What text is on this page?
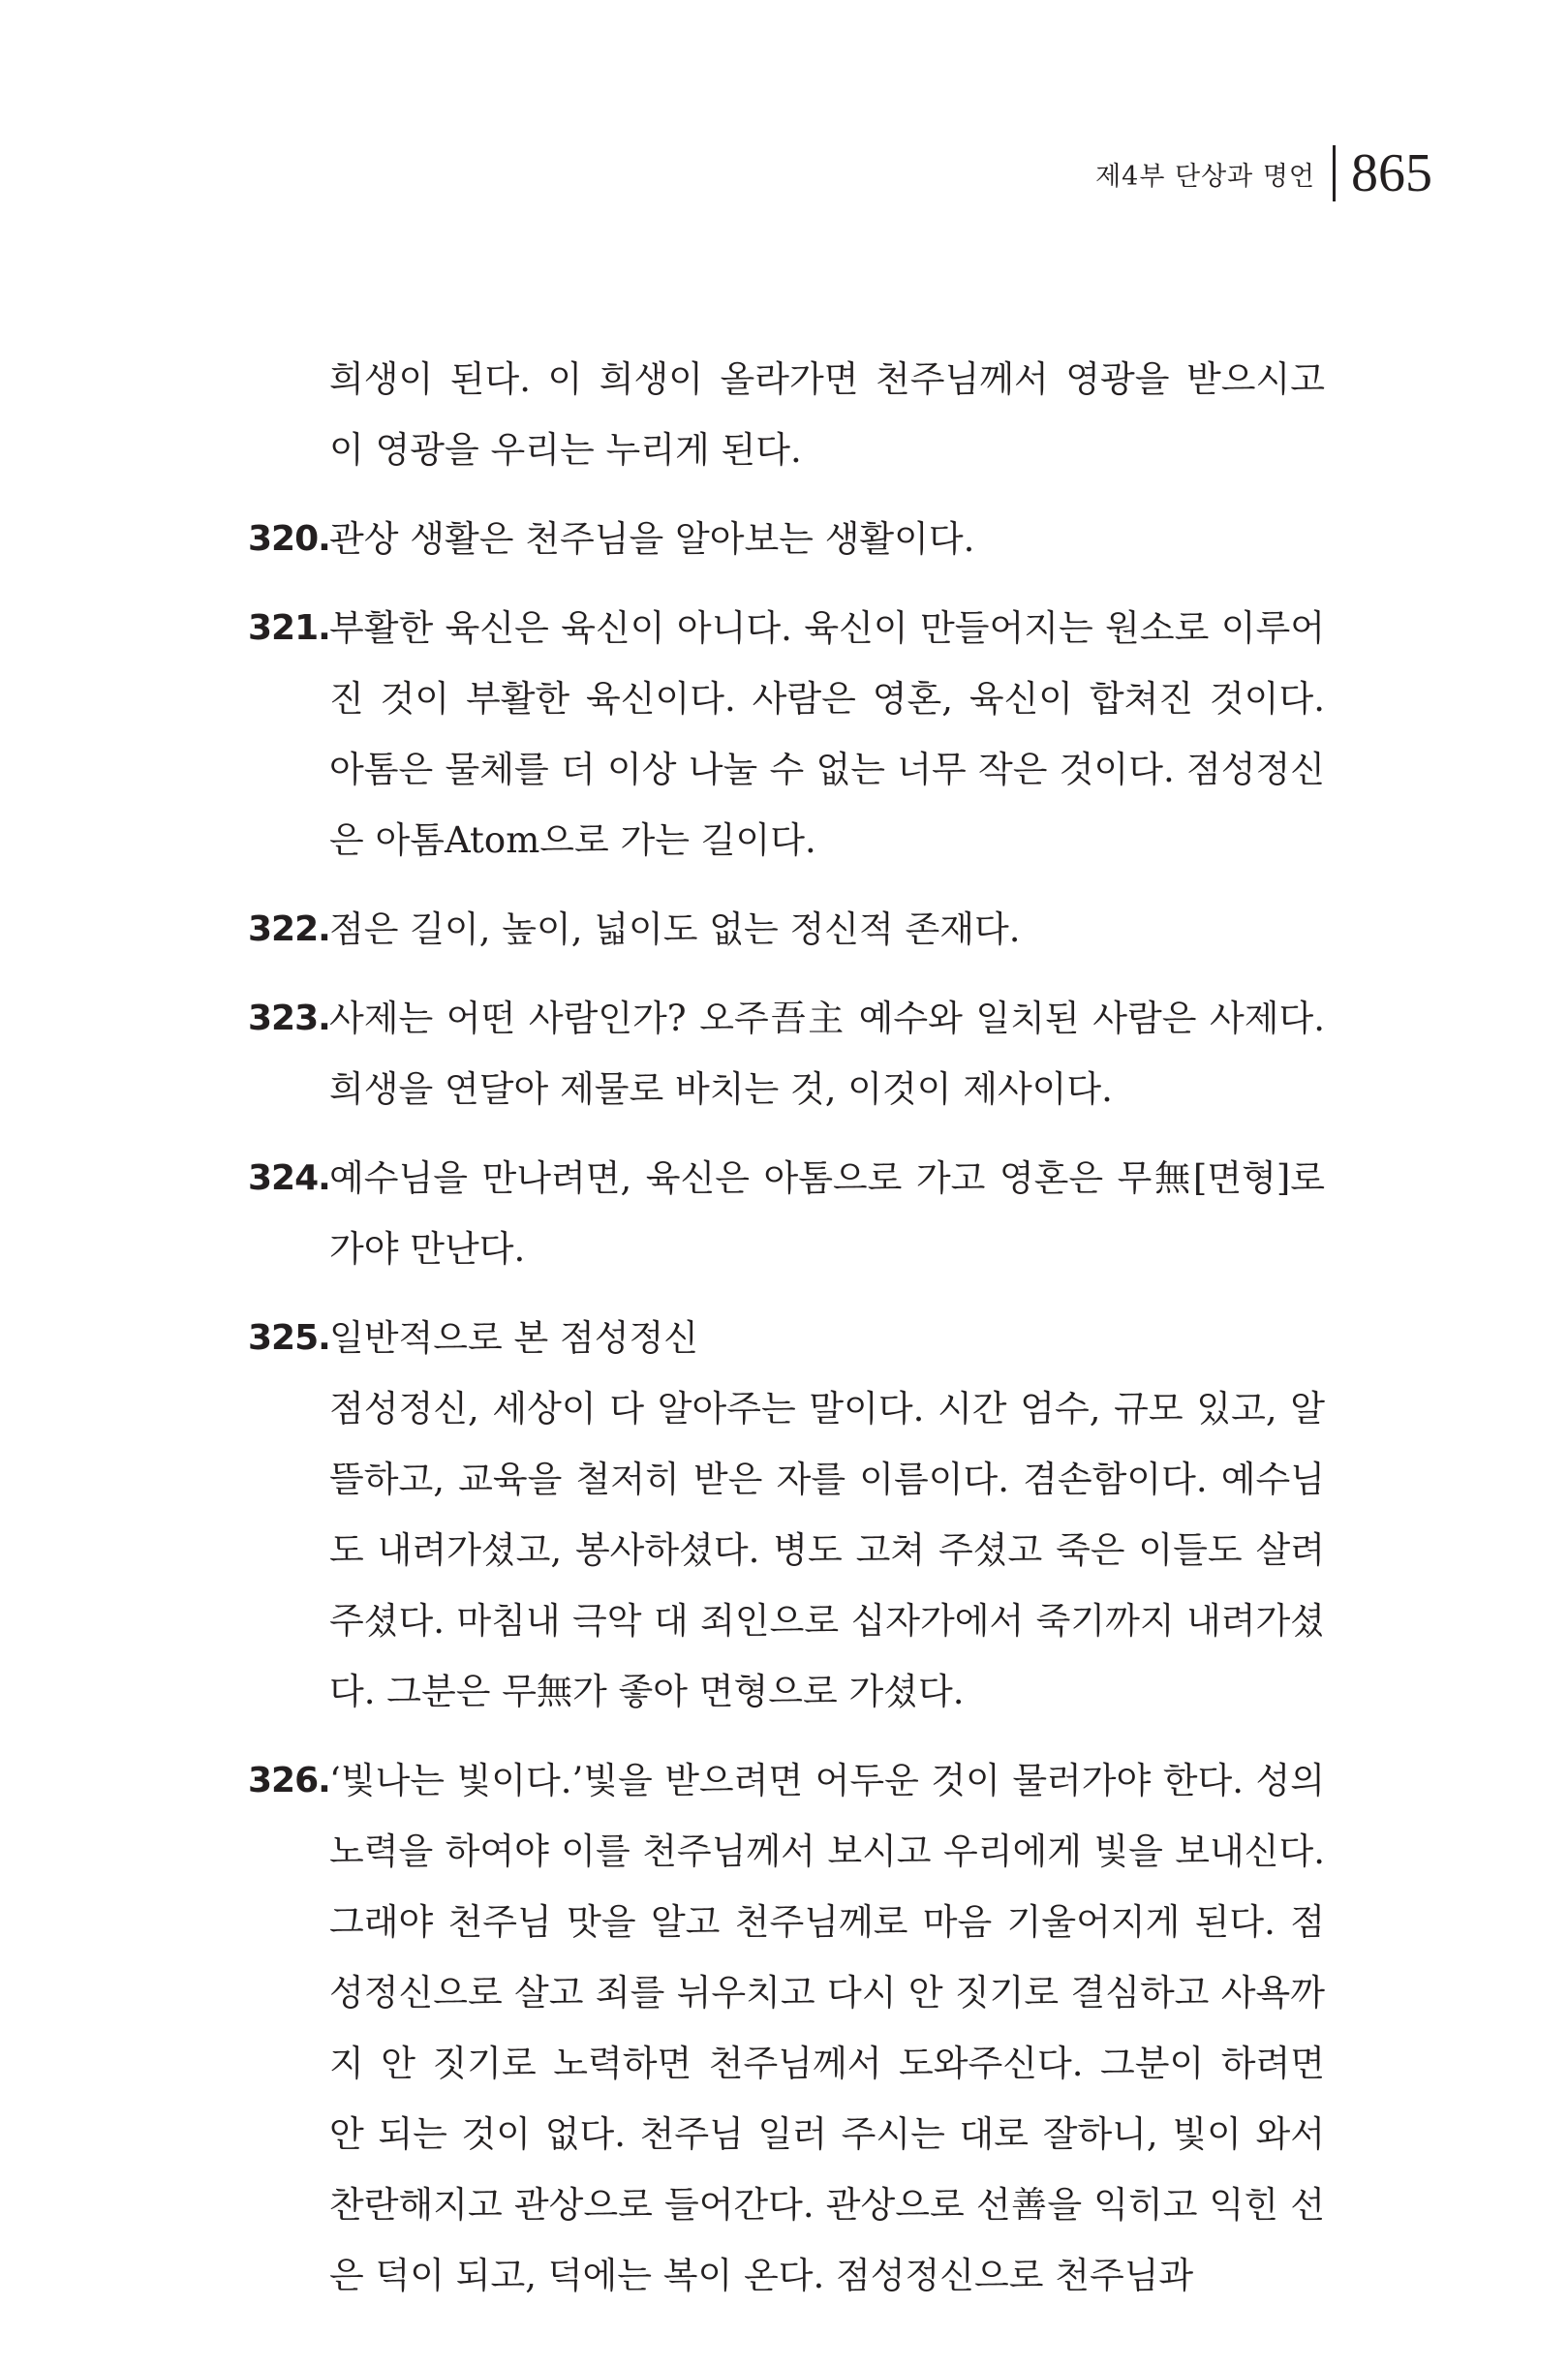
제4부 단상과 명언 865

희생이 된다. 이 희생이 올라가면 천주님께서 영광을 받으시고 이 영광을 우리는 누리게 된다.

320. 관상 생활은 천주님을 알아보는 생활이다.

321. 부활한 육신은 육신이 아니다. 육신이 만들어지는 원소로 이루어진 것이 부활한 육신이다. 사람은 영혼, 육신이 합쳐진 것이다. 아톰은 물체를 더 이상 나눌 수 없는 너무 작은 것이다. 점성정신은 아톰Atom으로 가는 길이다.

322. 점은 길이, 높이, 넓이도 없는 정신적 존재다.

323. 사제는 어떤 사람인가? 오주吾主 예수와 일치된 사람은 사제다. 희생을 연달아 제물로 바치는 것, 이것이 제사이다.

324. 예수님을 만나려면, 육신은 아톰으로 가고 영혼은 무無[면형]로 가야 만난다.

325. 일반적으로 본 점성정신

점성정신, 세상이 다 알아주는 말이다. 시간 엄수, 규모 있고, 알뜰하고, 교육을 철저히 받은 자를 이름이다. 겸손함이다. 예수님도 내려가셨고, 봉사하셨다. 병도 고쳐 주셨고 죽은 이들도 살려 주셨다. 마침내 극악 대 죄인으로 십자가에서 죽기까지 내려가셨다. 그분은 무無가 좋아 면형으로 가셨다.

326. ‘빛나는 빛이다.’빛을 받으려면 어두운 것이 물러가야 한다. 성의 노력을 하여야 이를 천주님께서 보시고 우리에게 빛을 보내신다. 그래야 천주님 맛을 알고 천주님께로 마음 기울어지게 된다. 점성정신으로 살고 죄를 뉘우치고 다시 안 짓기로 결심하고 사욕까지 안 짓기로 노력하면 천주님께서 도와주신다. 그분이 하려면 안 되는 것이 없다. 천주님 일러 주시는 대로 잘하니, 빛이 와서 찬란해지고 관상으로 들어간다. 관상으로 선善을 익히고 익힌 선은 덕이 되고, 덕에는 복이 온다. 점성정신으로 천주님과
